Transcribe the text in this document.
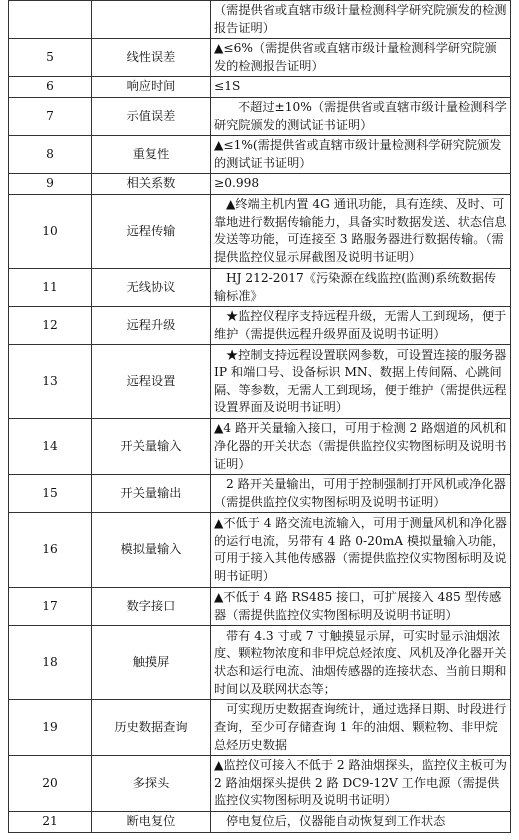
		（需提供省或直辖市级计量检测科学研究院颁发的检测报告证明）
5	线性误差	▲≤6%（需提供省或直辖市级计量检测科学研究院颁发的检测报告证明）
6	响应时间	≤1S
7	示值误差	不超过±10%（需提供省或直辖市级计量检测科学研究院颁发的测试证书证明）
8	重复性	▲≤1%(需提供省或直辖市级计量检测科学研究院颁发的测试证书证明）
9	相关系数	≥0.998
10	远程传输	▲终端主机内置 4G 通讯功能，具有连续、及时、可靠地进行数据传输能力，具备实时数据发送、状态信息发送等功能，可连接至 3 路服务器进行数据传输。（需提供监控仪显示屏截图及说明书证明）
11	无线协议	HJ 212-2017《污染源在线监控(监测)系统数据传输标准》
12	远程升级	★监控仪程序支持远程升级，无需人工到现场，便于维护（需提供远程升级界面及说明书证明）
13	远程设置	★控制支持远程设置联网参数，可设置连接的服务器 IP 和端口号、设备标识 MN、数据上传间隔、心跳间隔、等参数，无需人工到现场，便于维护（需提供远程设置界面及说明书证明）
14	开关量输入	▲4 路开关量输入接口，可用于检测 2 路烟道的风机和净化器的开关状态（需提供监控仪实物图标明及说明书证明）
15	开关量输出	2 路开关量输出，可用于控制强制打开风机或净化器（需提供监控仪实物图标明及说明书证明）
16	模拟量输入	▲不低于 4 路交流电流输入，可用于测量风机和净化器的运行电流，另带有 4 路 0-20mA 模拟量输入功能，可用于接入其他传感器（需提供监控仪实物图标明及说明书证明）
17	数字接口	▲不低于 4 路 RS485 接口，可扩展接入 485 型传感器（需提供监控仪实物图标明及说明书证明）
18	触摸屏	带有 4.3 寸或 7 寸触摸显示屏，可实时显示油烟浓度、颗粒物浓度和非甲烷总烃浓度、风机及净化器开关状态和运行电流、油烟传感器的连接状态、当前日期和时间以及联网状态等；
19	历史数据查询	可实现历史数据查询统计，通过选择日期、时段进行查询，至少可存储查询 1 年的油烟、颗粒物、非甲烷总烃历史数据
20	多探头	▲监控仪可接入不低于 2 路油烟探头，监控仪主板可为 2 路油烟探头提供 2 路 DC9-12V 工作电源（需提供监控仪实物图标明及说明书证明）
21	断电复位	停电复位后，仪器能自动恢复到工作状态
